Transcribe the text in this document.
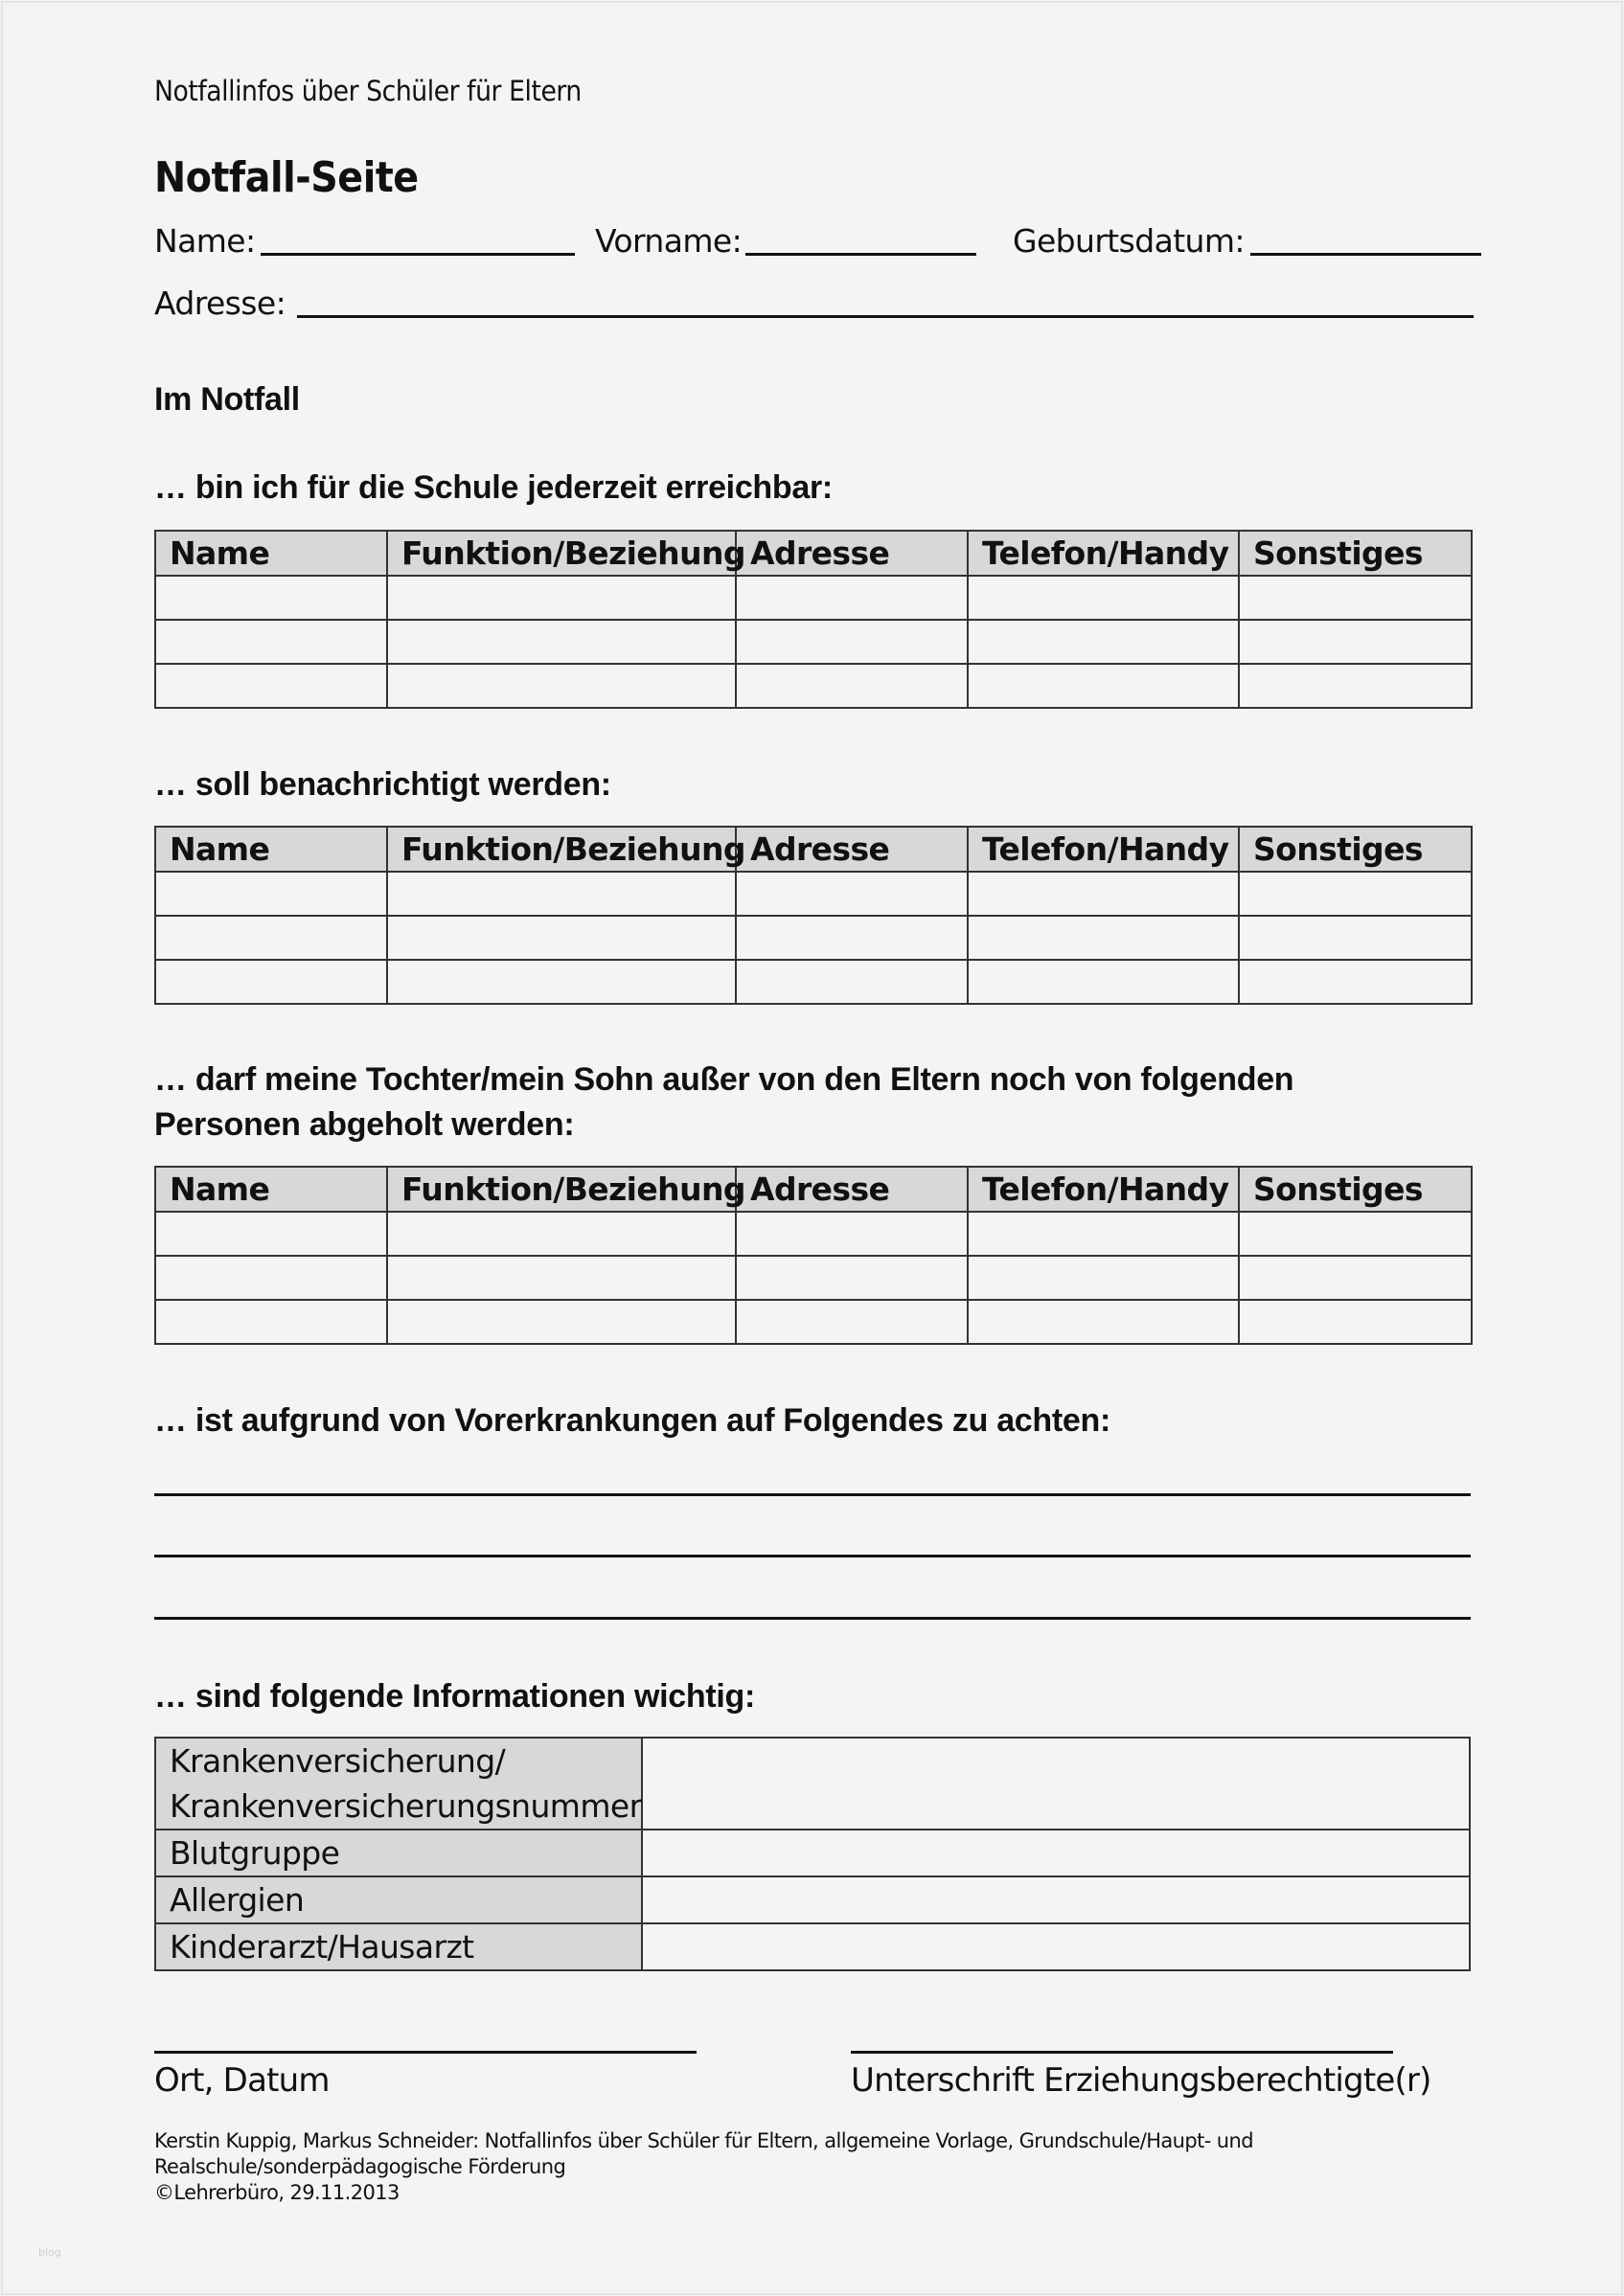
Notfallinfos über Schüler für Eltern
Notfall-Seite
Name:	Vorname:	Geburtsdatum:
Adresse:
Im Notfall
… bin ich für die Schule jederzeit erreichbar:
Name	Funktion/Beziehung	Adresse	Telefon/Handy	Sonstiges

… soll benachrichtigt werden:
Name	Funktion/Beziehung	Adresse	Telefon/Handy	Sonstiges

… darf meine Tochter/mein Sohn außer von den Eltern noch von folgenden
Personen abgeholt werden:
Name	Funktion/Beziehung	Adresse	Telefon/Handy	Sonstiges

… ist aufgrund von Vorerkrankungen auf Folgendes zu achten:
… sind folgende Informationen wichtig:
Krankenversicherung/
Krankenversicherungsnummer	

Blutgruppe	
Allergien	
Kinderarzt/Hausarzt	
Ort, Datum	Unterschrift Erziehungsberechtigte(r)
Kerstin Kuppig, Markus Schneider: Notfallinfos über Schüler für Eltern, allgemeine Vorlage, Grundschule/Haupt- und
Realschule/sonderpädagogische Förderung
©Lehrerbüro, 29.11.2013
blog
